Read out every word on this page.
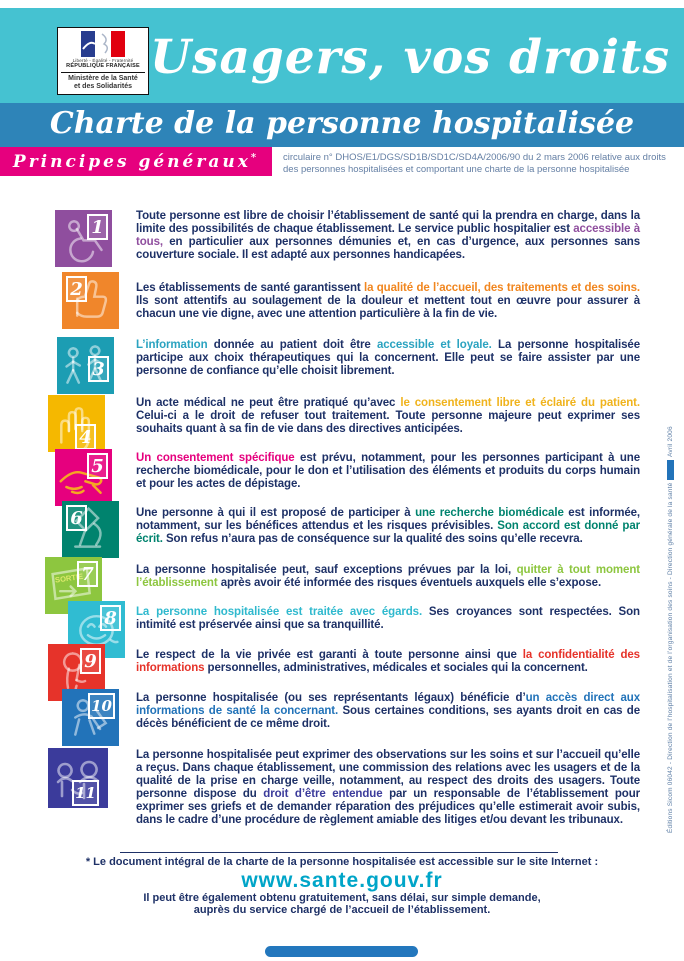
Principes généraux*
Liberté - Égalité - Fraternité
RÉPUBLIQUE FRANÇAISE
Ministère de la Santé
et des Solidarités
Usagers, vos droits
Charte de la personne hospitalisée
circulaire n° DHOS/E1/DGS/SD1B/SD1C/SD4A/2006/90 du 2 mars 2006 relative aux droits
des personnes hospitalisées et comportant une charte de la personne hospitalisée
1

Toute personne est libre de choisir l’établissement de santé qui la prendra en charge, dans la limite des possibilités de chaque établissement. Le service public hospitalier est accessible à tous, en particulier aux personnes démunies et, en cas d’urgence, aux personnes sans couverture sociale. Il est adapté aux personnes handicapées.

2	Les établissements de santé garantissent la qualité de l’accueil, des traitements et des soins. Ils sont attentifs au soulagement de la douleur et mettent tout en œuvre pour assurer à chacun une vie digne, avec une attention particulière à la fin de vie.

3

L’information donnée au patient doit être accessible et loyale. La personne hospitalisée participe aux choix thérapeutiques qui la concernent. Elle peut se faire assister par une personne de confiance qu’elle choisit librement.

4

Un acte médical ne peut être pratiqué qu’avec le consentement libre et éclairé du patient. Celui-ci a le droit de refuser tout traitement. Toute personne majeure peut exprimer ses souhaits quant à sa fin de vie dans des directives anticipées.

5	Un consentement spécifique est prévu, notamment, pour les personnes participant à une recherche biomédicale, pour le don et l’utilisation des éléments et produits du corps humain et pour les actes de dépistage.

6	Une personne à qui il est proposé de participer à une recherche biomédicale est informée, notamment, sur les bénéfices attendus et les risques prévisibles. Son accord est donné par écrit. Son refus n’aura pas de conséquence sur la qualité des soins qu’elle recevra.

SORTIE
7	La personne hospitalisée peut, sauf exceptions prévues par la loi, quitter à tout moment l’établissement après avoir été informée des risques éventuels auxquels elle s’expose.

8	La personne hospitalisée est traitée avec égards. Ses croyances sont respectées. Son intimité est préservée ainsi que sa tranquillité.

9	Le respect de la vie privée est garanti à toute personne ainsi que la confidentialité des informations personnelles, administratives, médicales et sociales qui la concernent.

10 La personne hospitalisée (ou ses représentants légaux) bénéficie d’un accès direct aux informations de santé la concernant. Sous certaines conditions, ses ayants droit en cas de décès bénéficient de ce même droit.

11

La personne hospitalisée peut exprimer des observations sur les soins et sur l’accueil qu’elle a reçus. Dans chaque établissement, une commission des relations avec les usagers et de la qualité de la prise en charge veille, notamment, au respect des droits des usagers. Toute personne dispose du droit d’être entendue par un responsable de l’établissement pour exprimer ses griefs et de demander réparation des préjudices qu’elle estimerait avoir subis, dans le cadre d’une procédure de règlement amiable des litiges et/ou devant les tribunaux.

* Le document intégral de la charte de la personne hospitalisée est accessible sur le site Internet :
www.sante.gouv.fr
Il peut être également obtenu gratuitement, sans délai, sur simple demande,
auprès du service chargé de l’accueil de l’établissement.
Éditions Sicom 06042 - Direction de l’hospitalisation et de l’organisation des soins - Direction générale de la santé
Avril 2006
